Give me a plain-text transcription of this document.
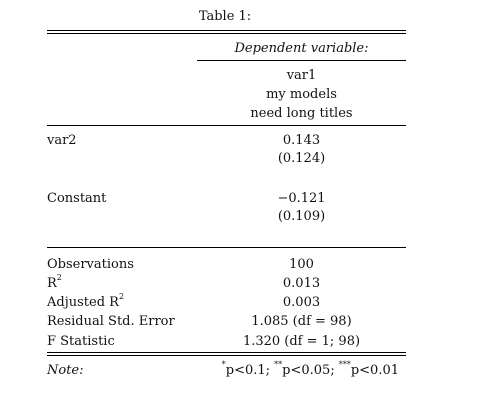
Table 1:
Dependent variable:
var1
my models
need long titles
var2	0.143
(0.124)
Constant	−0.121
(0.109)
Observations	100
$R^2$	0.013
Adjusted $R^2$	0.003
Residual Std. Error	1.085 (df = 98)
F Statistic	1.320 (df = 1; 98)
Note:	*p<0.1; **p<0.05; ***p<0.01
